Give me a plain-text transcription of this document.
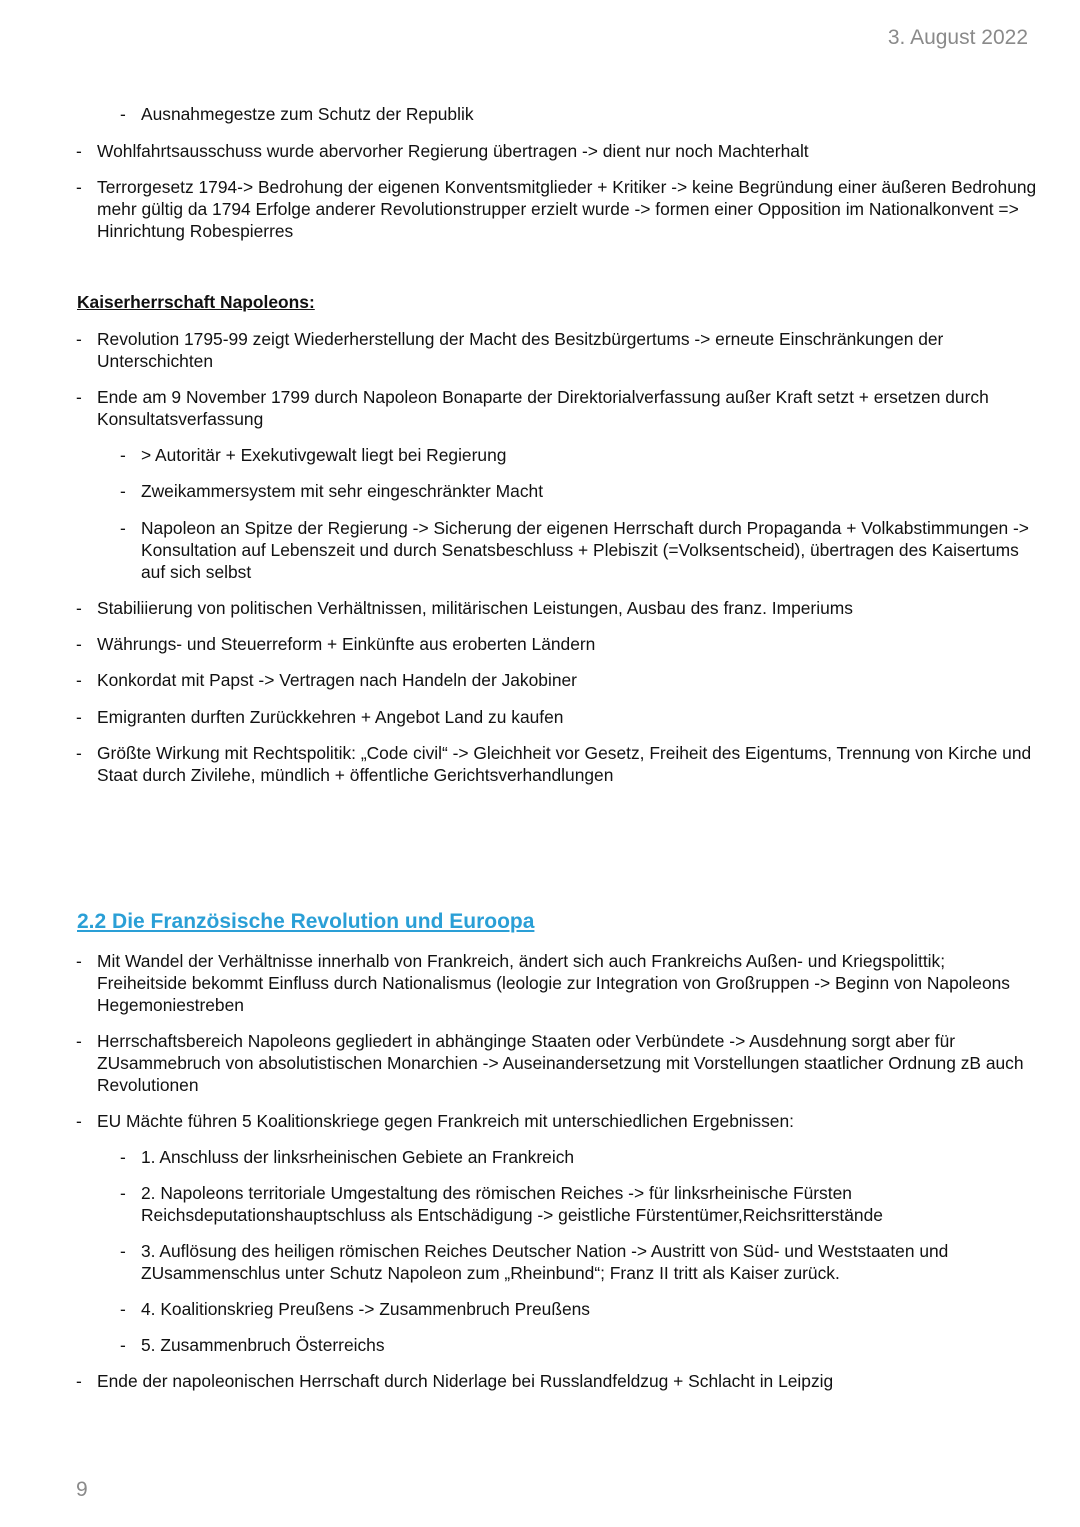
3. August 2022
- Ausnahmegestze zum Schutz der Republik
- Wohlfahrtsausschuss wurde abervorher Regierung übertragen -> dient nur noch Machterhalt
- Terrorgesetz 1794-> Bedrohung der eigenen Konventsmitglieder + Kritiker -> keine Begründung einer äußeren Bedrohung mehr gültig da 1794 Erfolge anderer Revolutionstrupper erzielt wurde -> formen einer Opposition im Nationalkonvent => Hinrichtung Robespierres
Kaiserherrschaft Napoleons:
- Revolution 1795-99 zeigt Wiederherstellung der Macht des Besitzbürgertums -> erneute Einschränkungen der Unterschichten
- Ende am 9 November 1799 durch Napoleon Bonaparte der Direktorialverfassung außer Kraft setzt + ersetzen durch Konsultatsverfassung
- > Autoritär + Exekutivgewalt liegt bei Regierung
- Zweikammersystem mit sehr eingeschränkter Macht
- Napoleon an Spitze der Regierung -> Sicherung der eigenen Herrschaft durch Propaganda + Volkabstimmungen -> Konsultation auf Lebenszeit und durch Senatsbeschluss + Plebiszit (=Volksentscheid), übertragen des Kaisertums auf sich selbst
- Stabiliierung von politischen Verhältnissen, militärischen Leistungen, Ausbau des franz. Imperiums
- Währungs- und Steuerreform + Einkünfte aus eroberten Ländern
- Konkordat mit Papst -> Vertragen nach Handeln der Jakobiner
- Emigranten durften Zurückkehren + Angebot Land zu kaufen
- Größte Wirkung mit Rechtspolitik: „Code civil“ -> Gleichheit vor Gesetz, Freiheit des Eigentums, Trennung von Kirche und Staat durch Zivilehe, mündlich + öffentliche Gerichtsverhandlungen
2.2 Die Französische Revolution und Euroopa
- Mit Wandel der Verhältnisse innerhalb von Frankreich, ändert sich auch Frankreichs Außen- und Kriegspolittik; Freiheitside bekommt Einfluss durch Nationalismus (leologie zur Integration von Großruppen -> Beginn von Napoleons Hegemoniestreben
- Herrschaftsbereich Napoleons gegliedert in abhänginge Staaten oder Verbündete -> Ausdehnung sorgt aber für ZUsammebruch von absolutistischen Monarchien -> Auseinandersetzung mit Vorstellungen staatlicher Ordnung zB auch Revolutionen
- EU Mächte führen 5 Koalitionskriege gegen Frankreich mit unterschiedlichen Ergebnissen:
- 1. Anschluss der linksrheinischen Gebiete an Frankreich
- 2. Napoleons territoriale Umgestaltung des römischen Reiches -> für linksrheinische Fürsten Reichsdeputationshauptschluss als Entschädigung -> geistliche Fürstentümer,Reichsritterstände
- 3. Auflösung des heiligen römischen Reiches Deutscher Nation -> Austritt von Süd- und Weststaaten und ZUsammenschlus unter Schutz Napoleon zum „Rheinbund“; Franz II tritt als Kaiser zurück.
- 4. Koalitionskrieg Preußens -> Zusammenbruch Preußens
- 5. Zusammenbruch Österreichs
- Ende der napoleonischen Herrschaft durch Niderlage bei Russlandfeldzug + Schlacht in Leipzig
9
